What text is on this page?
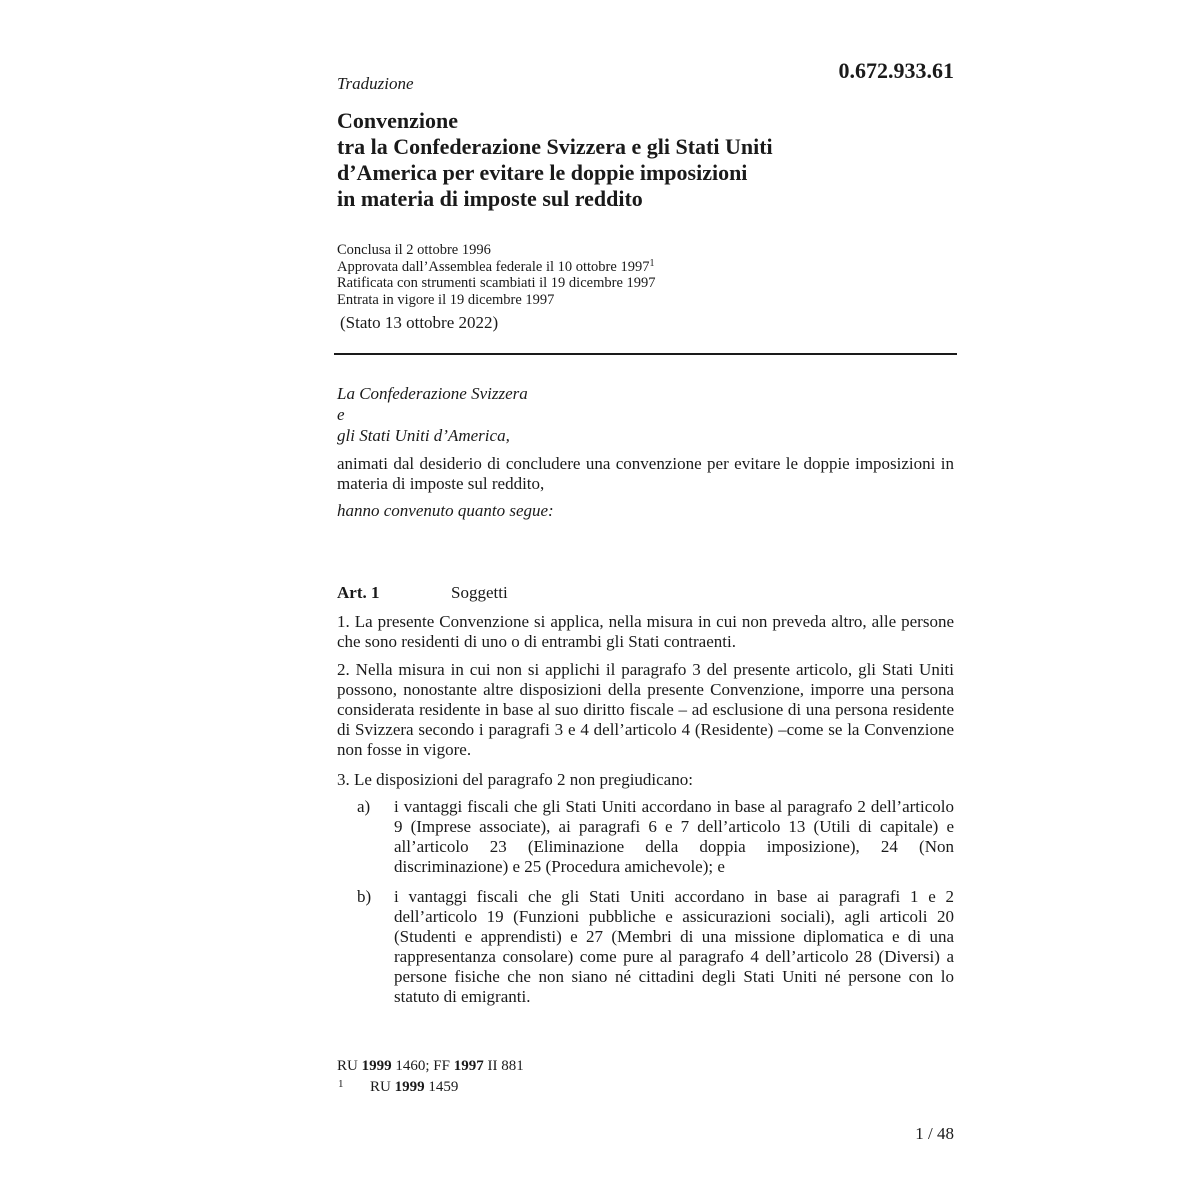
0.672.933.61
Traduzione
Convenzione
tra la Confederazione Svizzera e gli Stati Uniti
d’America per evitare le doppie imposizioni
in materia di imposte sul reddito
Conclusa il 2 ottobre 1996
Approvata dall’Assemblea federale il 10 ottobre 1997$^1$
Ratificata con strumenti scambiati il 19 dicembre 1997
Entrata in vigore il 19 dicembre 1997
(Stato 13 ottobre 2022)
La Confederazione Svizzera
e
gli Stati Uniti d’America,
animati dal desiderio di concludere una convenzione per evitare le doppie imposizioni in materia di imposte sul reddito,
hanno convenuto quanto segue:
Art. 1	Soggetti
1. La presente Convenzione si applica, nella misura in cui non preveda altro, alle persone che sono residenti di uno o di entrambi gli Stati contraenti.
2. Nella misura in cui non si applichi il paragrafo 3 del presente articolo, gli Stati Uniti possono, nonostante altre disposizioni della presente Convenzione, imporre una persona considerata residente in base al suo diritto fiscale – ad esclusione di una persona residente di Svizzera secondo i paragrafi 3 e 4 dell’articolo 4 (Residente) –come se la Convenzione non fosse in vigore.
3. Le disposizioni del paragrafo 2 non pregiudicano:
a) i vantaggi fiscali che gli Stati Uniti accordano in base al paragrafo 2 dell’articolo 9 (Imprese associate), ai paragrafi 6 e 7 dell’articolo 13 (Utili di capitale) e all’articolo 23 (Eliminazione della doppia imposizione), 24 (Non discriminazione) e 25 (Procedura amichevole); e
b) i vantaggi fiscali che gli Stati Uniti accordano in base ai paragrafi 1 e 2 dell’articolo 19 (Funzioni pubbliche e assicurazioni sociali), agli articoli 20 (Studenti e apprendisti) e 27 (Membri di una missione diplomatica e di una rappresentanza consolare) come pure al paragrafo 4 dell’articolo 28 (Diversi) a persone fisiche che non siano né cittadini degli Stati Uniti né persone con lo statuto di emigranti.
RU 1999 1460; FF 1997 II 881
1 RU 1999 1459
1 / 48
